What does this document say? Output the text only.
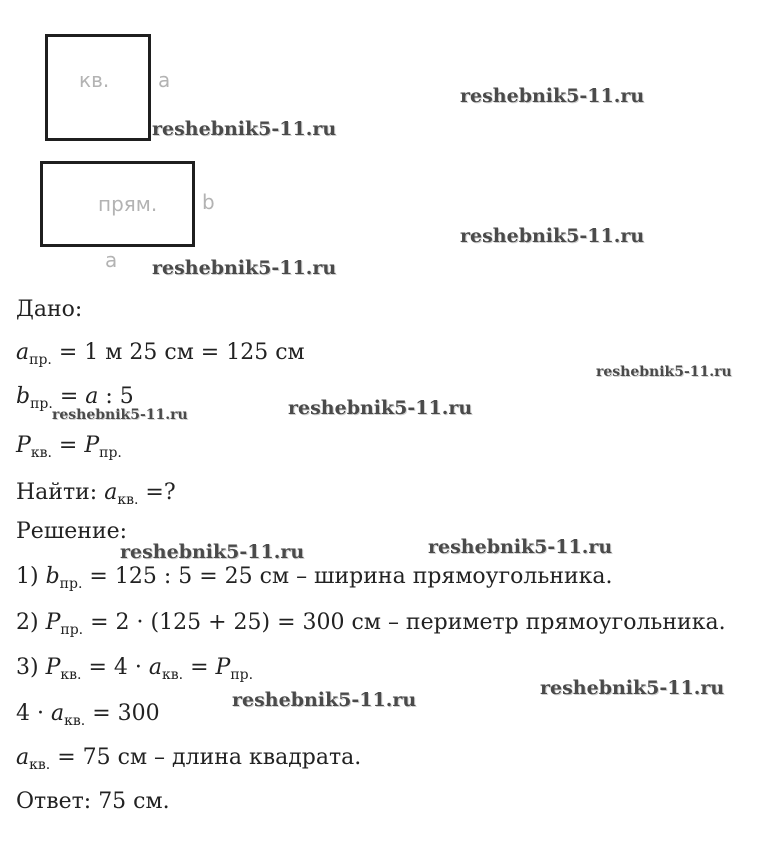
кв. a
прям. b
a
reshebnik5-11.ru
reshebnik5-11.ru
reshebnik5-11.ru
reshebnik5-11.ru
reshebnik5-11.ru
reshebnik5-11.ru	reshebnik5-11.ru
reshebnik5-11.ru	reshebnik5-11.ru
reshebnik5-11.ru
reshebnik5-11.ru
Дано:
$a_{пр.} = 1$ м 25 см = 125 см
$b_{пр.} = a$ : 5
$P_{кв.} = P_{пр.}$
Найти: $a_{кв.}$ =?
Решение:
1) $b_{пр.} = 125$ : 5 = 25 см – ширина прямоугольника.
2) $P_{пр.} = 2 \cdot (125 + 25) = 300$ см – периметр прямоугольника.
3) $P_{кв.} = 4 \cdot a_{кв.} = P_{пр.}$
$4 \cdot a_{кв.} = 300$
$a_{кв.} = 75$ см – длина квадрата.
Ответ: 75 см.
